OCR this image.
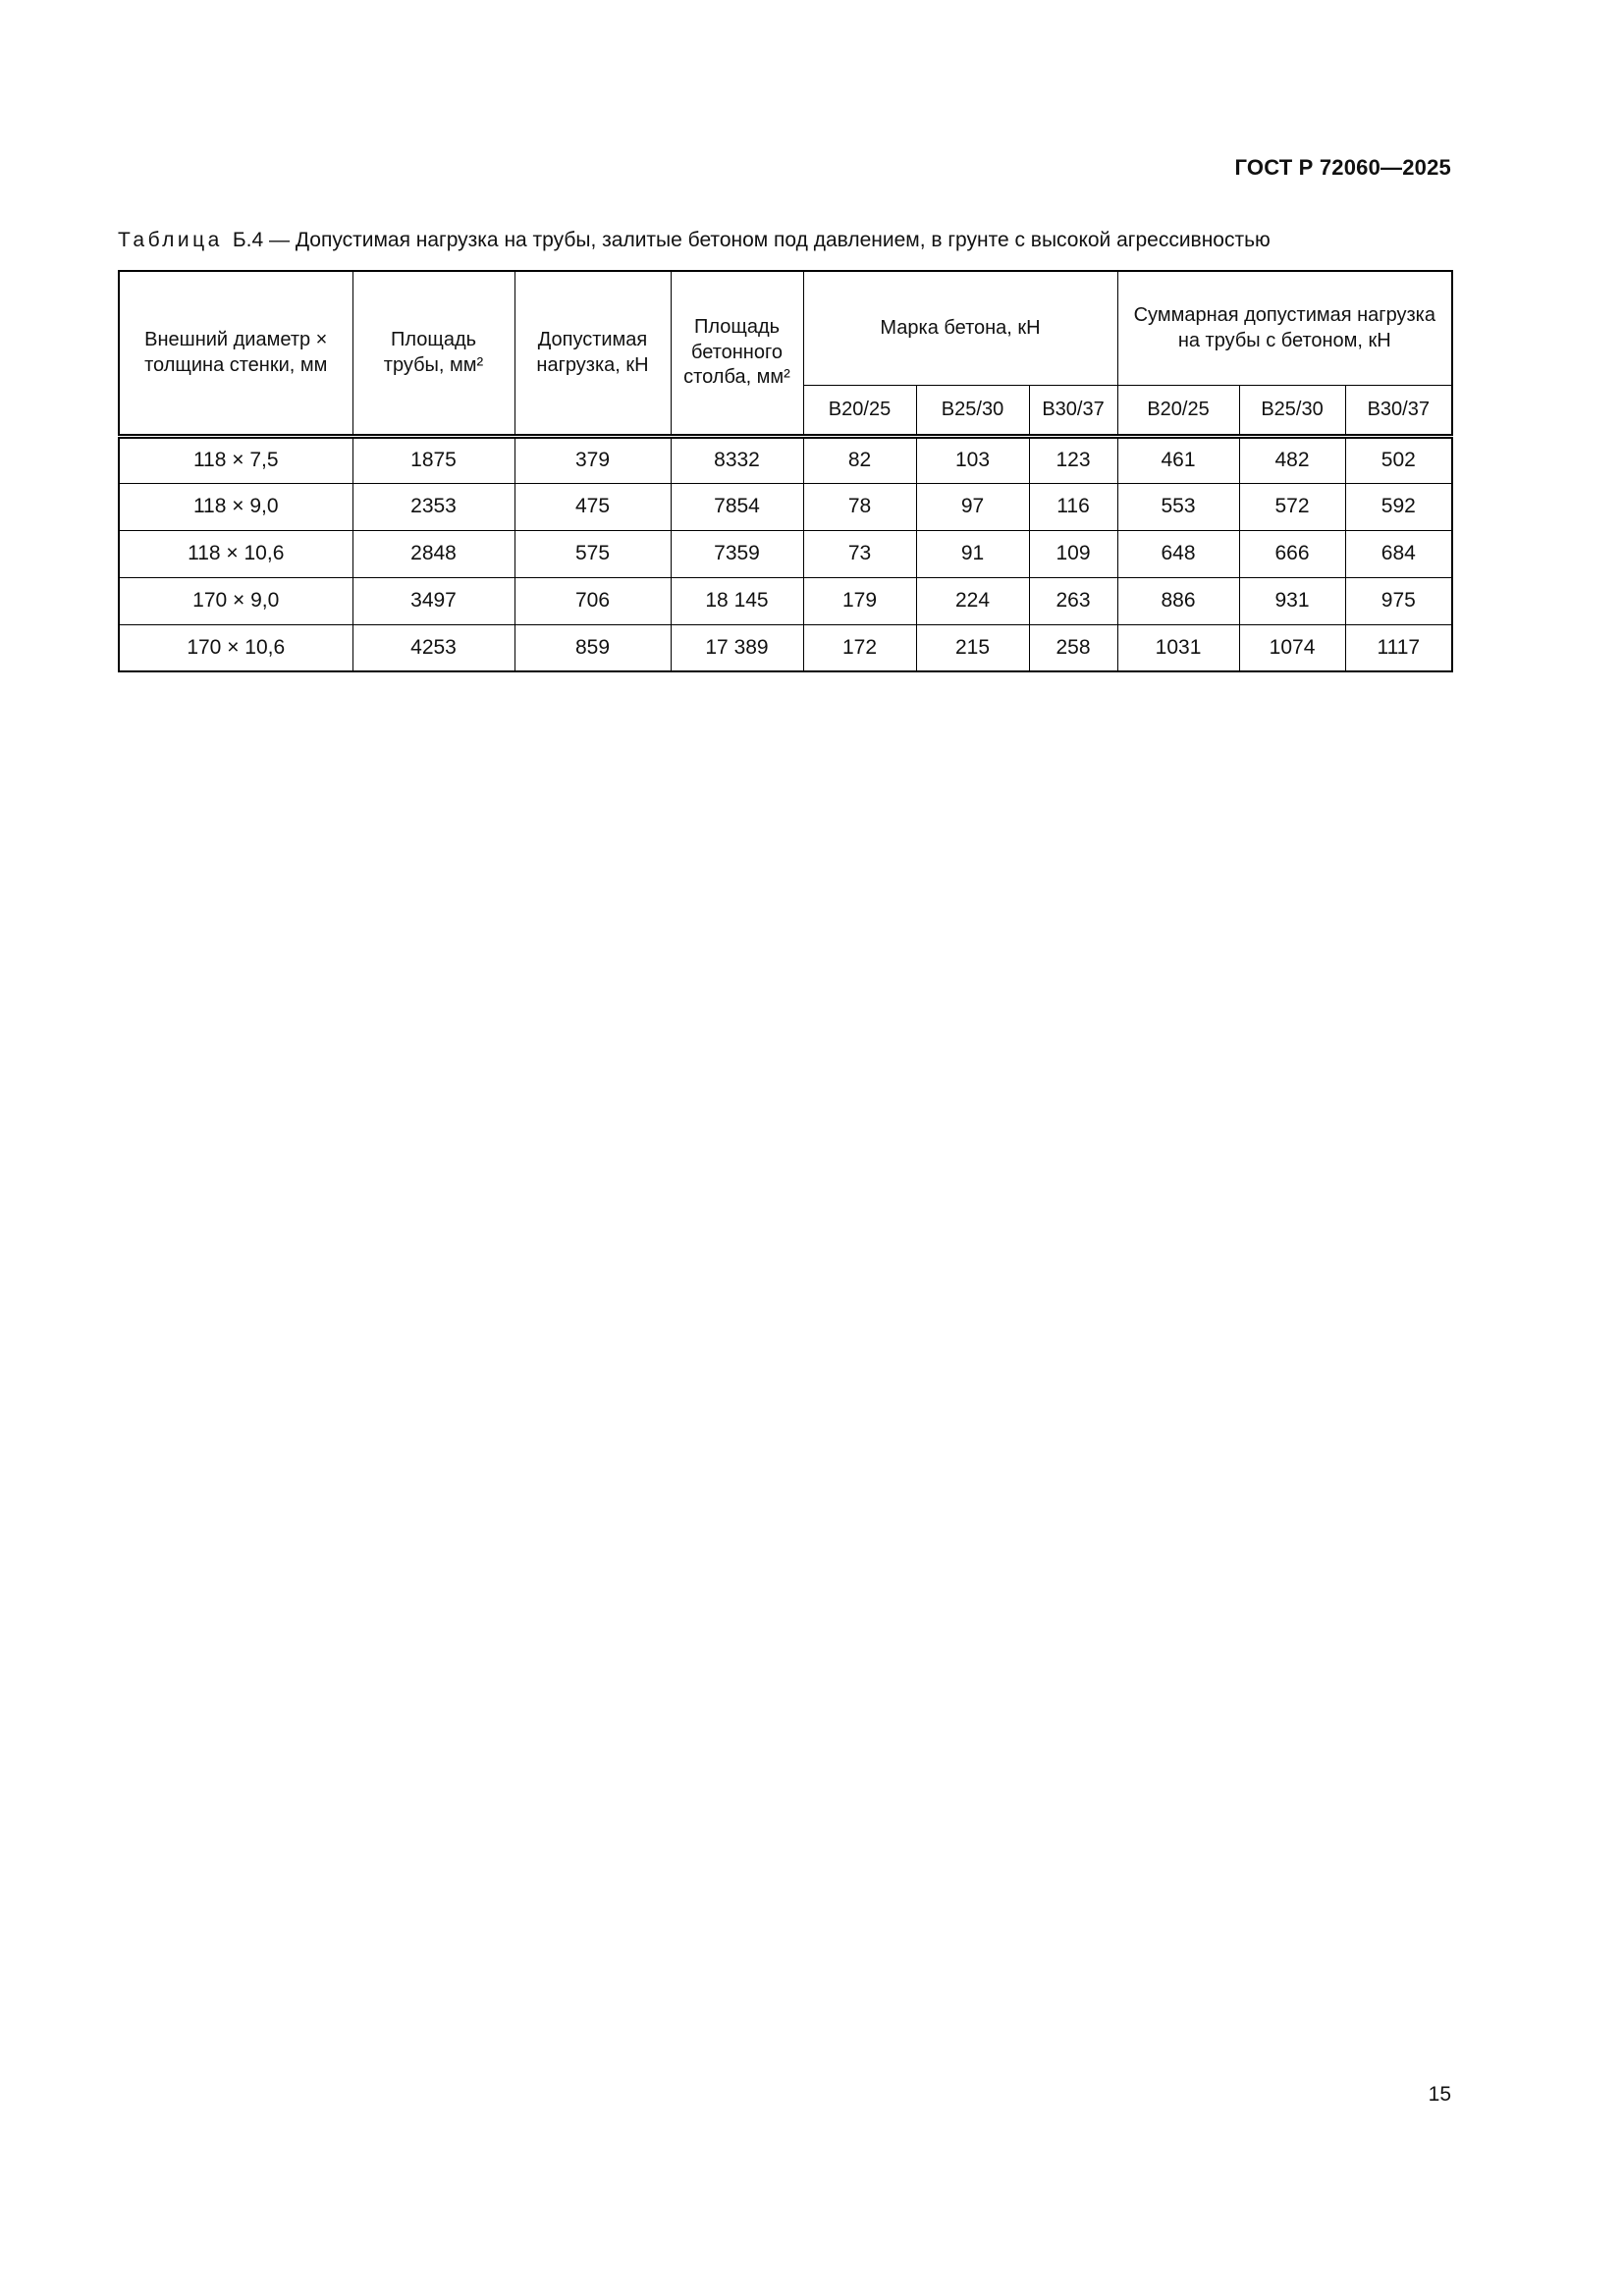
ГОСТ Р 72060—2025

Таблица Б.4 — Допустимая нагрузка на трубы, залитые бетоном под давлением, в грунте с высокой агрессивностью

Внешний диаметр × толщина стенки, мм	Площадь трубы, мм²	Допустимая нагрузка, кН	Площадь бетонного столба, мм²	Марка бетона, кН			Суммарная допустимая нагрузка на трубы с бетоном, кН		
				В20/25	В25/30	В30/37	В20/25	В25/30	В30/37
118 × 7,5	1875	379	8332	82	103	123	461	482	502
118 × 9,0	2353	475	7854	78	97	116	553	572	592
118 × 10,6	2848	575	7359	73	91	109	648	666	684
170 × 9,0	3497	706	18 145	179	224	263	886	931	975
170 × 10,6	4253	859	17 389	172	215	258	1031	1074	1117
15
